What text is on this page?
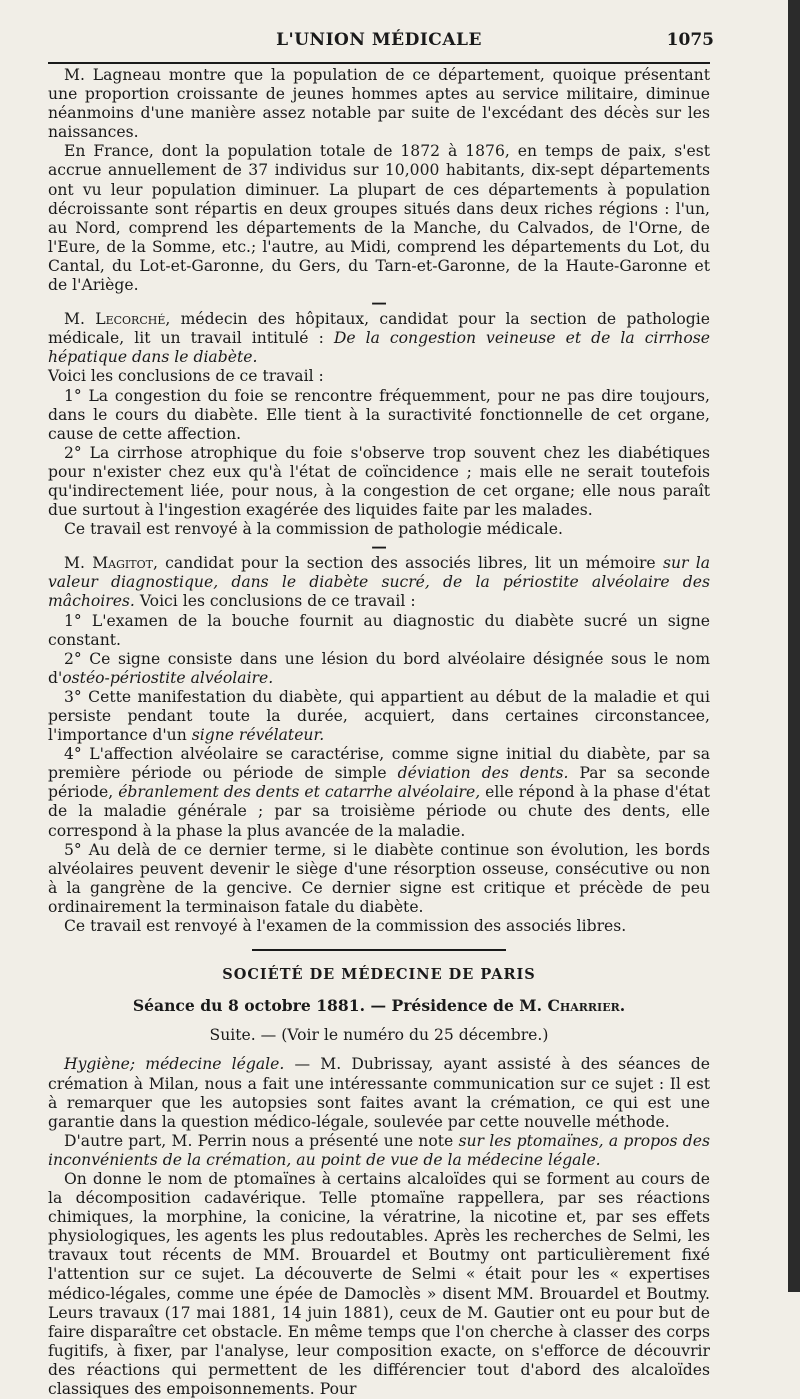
L'UNION MÉDICALE	1075

M. Lagneau montre que la population de ce département, quoique présentant une proportion croissante de jeunes hommes aptes au service militaire, diminue néanmoins d'une manière assez notable par suite de l'excédant des décès sur les naissances.

En France, dont la population totale de 1872 à 1876, en temps de paix, s'est accrue annuellement de 37 individus sur 10,000 habitants, dix-sept départements ont vu leur population diminuer. La plupart de ces départements à population décroissante sont répartis en deux groupes situés dans deux riches régions : l'un, au Nord, comprend les départements de la Manche, du Calvados, de l'Orne, de l'Eure, de la Somme, etc.; l'autre, au Midi, comprend les départements du Lot, du Cantal, du Lot-et-Garonne, du Gers, du Tarn-et-Garonne, de la Haute-Garonne et de l'Ariège.

—

M. Lecorché, médecin des hôpitaux, candidat pour la section de pathologie médicale, lit un travail intitulé : De la congestion veineuse et de la cirrhose hépatique dans le diabète.

Voici les conclusions de ce travail :

1° La congestion du foie se rencontre fréquemment, pour ne pas dire toujours, dans le cours du diabète. Elle tient à la suractivité fonctionnelle de cet organe, cause de cette affection.

2° La cirrhose atrophique du foie s'observe trop souvent chez les diabétiques pour n'exister chez eux qu'à l'état de coïncidence ; mais elle ne serait toutefois qu'indirectement liée, pour nous, à la congestion de cet organe; elle nous paraît due surtout à l'ingestion exagérée des liquides faite par les malades.

Ce travail est renvoyé à la commission de pathologie médicale.

—

M. Magitot, candidat pour la section des associés libres, lit un mémoire sur la valeur diagnostique, dans le diabète sucré, de la périostite alvéolaire des mâchoires. Voici les conclusions de ce travail :

1° L'examen de la bouche fournit au diagnostic du diabète sucré un signe constant.

2° Ce signe consiste dans une lésion du bord alvéolaire désignée sous le nom d'ostéo-périostite alvéolaire.

3° Cette manifestation du diabète, qui appartient au début de la maladie et qui persiste pendant toute la durée, acquiert, dans certaines circonstancee, l'importance d'un signe révélateur.

4° L'affection alvéolaire se caractérise, comme signe initial du diabète, par sa première période ou période de simple déviation des dents. Par sa seconde période, ébranlement des dents et catarrhe alvéolaire, elle répond à la phase d'état de la maladie générale ; par sa troisième période ou chute des dents, elle correspond à la phase la plus avancée de la maladie.

5° Au delà de ce dernier terme, si le diabète continue son évolution, les bords alvéolaires peuvent devenir le siège d'une résorption osseuse, consécutive ou non à la gangrène de la gencive. Ce dernier signe est critique et précède de peu ordinairement la terminaison fatale du diabète.

Ce travail est renvoyé à l'examen de la commission des associés libres.

SOCIÉTÉ DE MÉDECINE DE PARIS
Séance du 8 octobre 1881. — Présidence de M. Charrier.
Suite. — (Voir le numéro du 25 décembre.)

Hygiène; médecine légale. — M. Dubrissay, ayant assisté à des séances de crémation à Milan, nous a fait une intéressante communication sur ce sujet : Il est à remarquer que les autopsies sont faites avant la crémation, ce qui est une garantie dans la question médico-légale, soulevée par cette nouvelle méthode.

D'autre part, M. Perrin nous a présenté une note sur les ptomaïnes, a propos des inconvénients de la crémation, au point de vue de la médecine légale.

On donne le nom de ptomaïnes à certains alcaloïdes qui se forment au cours de la décomposition cadavérique. Telle ptomaïne rappellera, par ses réactions chimiques, la morphine, la conicine, la vératrine, la nicotine et, par ses effets physiologiques, les agents les plus redoutables. Après les recherches de Selmi, les travaux tout récents de MM. Brouardel et Boutmy ont particulièrement fixé l'attention sur ce sujet. La découverte de Selmi « était pour les « expertises médico-légales, comme une épée de Damoclès » disent MM. Brouardel et Boutmy. Leurs travaux (17 mai 1881, 14 juin 1881), ceux de M. Gautier ont eu pour but de faire disparaître cet obstacle. En même temps que l'on cherche à classer des corps fugitifs, à fixer, par l'analyse, leur composition exacte, on s'efforce de découvrir des réactions qui permettent de les différencier tout d'abord des alcaloïdes classiques des empoisonnements. Pour
